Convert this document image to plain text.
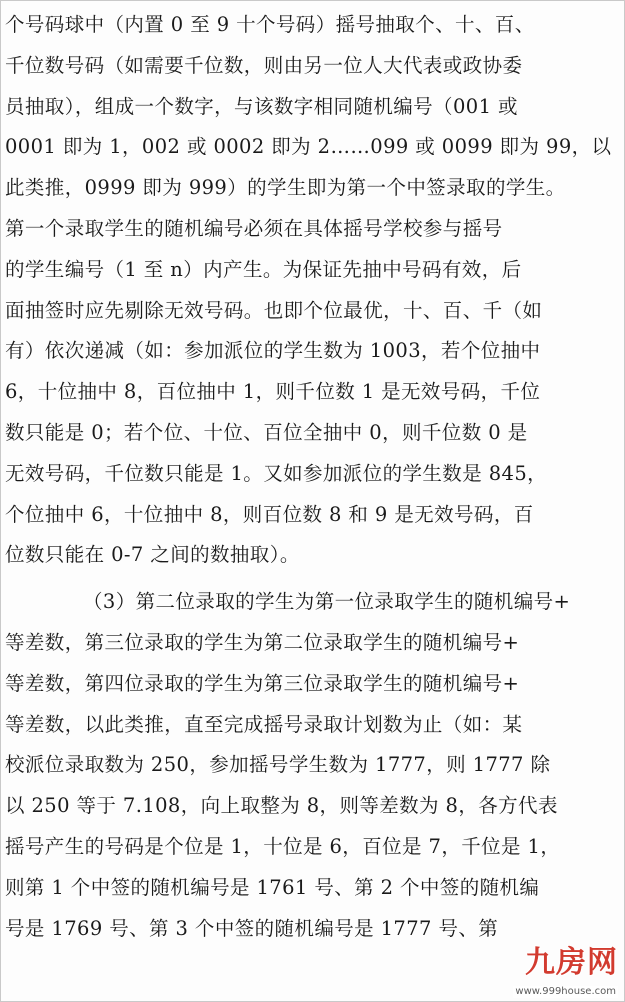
个号码球中（内置 0 至 9 十个号码）摇号抽取个、十、百、
千位数号码（如需要千位数，则由另一位人大代表或政协委
员抽取），组成一个数字，与该数字相同随机编号（001 或
0001 即为 1，002 或 0002 即为 2……099 或 0099 即为 99，以
此类推，0999 即为 999）的学生即为第一个中签录取的学生。
第一个录取学生的随机编号必须在具体摇号学校参与摇号
的学生编号（1 至 n）内产生。为保证先抽中号码有效，后
面抽签时应先剔除无效号码。也即个位最优，十、百、千（如
有）依次递减（如：参加派位的学生数为 1003，若个位抽中
6，十位抽中 8，百位抽中 1，则千位数 1 是无效号码，千位
数只能是 0；若个位、十位、百位全抽中 0，则千位数 0 是
无效号码，千位数只能是 1。又如参加派位的学生数是 845，
个位抽中 6，十位抽中 8，则百位数 8 和 9 是无效号码，百
位数只能在 0-7 之间的数抽取）。
（3）第二位录取的学生为第一位录取学生的随机编号+
等差数，第三位录取的学生为第二位录取学生的随机编号+
等差数，第四位录取的学生为第三位录取学生的随机编号+
等差数，以此类推，直至完成摇号录取计划数为止（如：某
校派位录取数为 250，参加摇号学生数为 1777，则 1777 除
以 250 等于 7.108，向上取整为 8，则等差数为 8，各方代表
摇号产生的号码是个位是 1，十位是 6，百位是 7，千位是 1，
则第 1 个中签的随机编号是 1761 号、第 2 个中签的随机编
号是 1769 号、第 3 个中签的随机编号是 1777 号、第
九房网
www.999house.com
